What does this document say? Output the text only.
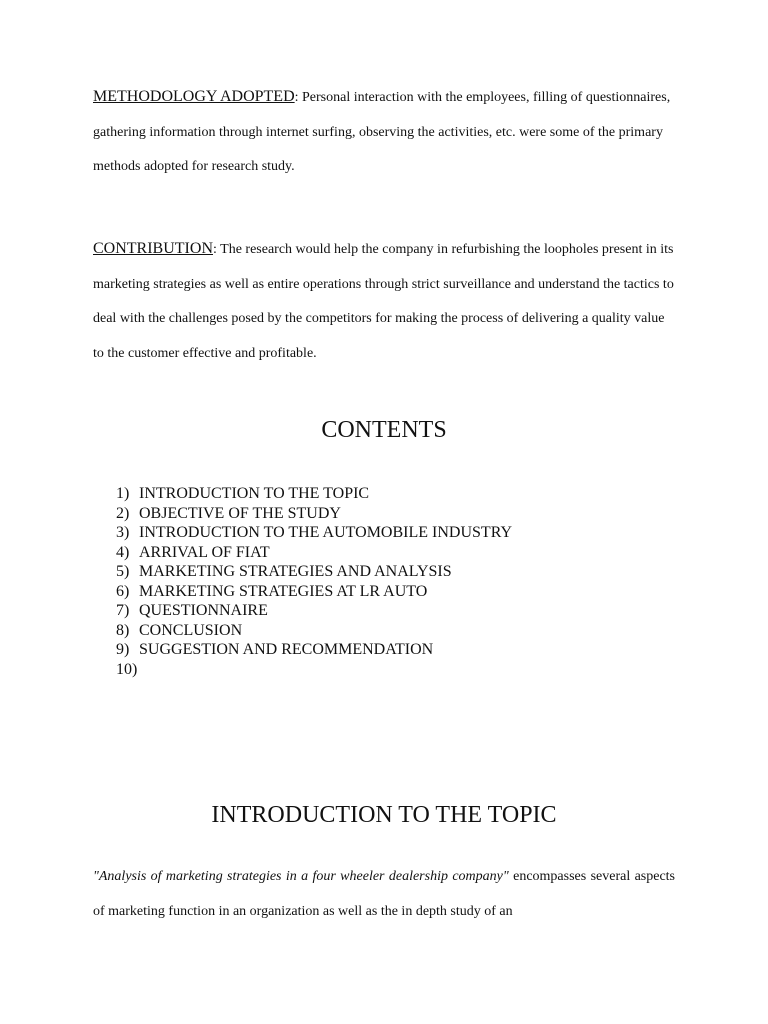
METHODOLOGY ADOPTED: Personal interaction with the employees, filling of questionnaires, gathering information through internet surfing, observing the activities, etc. were some of the primary methods adopted for research study.

CONTRIBUTION: The research would help the company in refurbishing the loopholes present in its marketing strategies as well as entire operations through strict surveillance and understand the tactics to deal with the challenges posed by the competitors for making the process of delivering a quality value to the customer effective and profitable.

CONTENTS
1) INTRODUCTION TO THE TOPIC
2) OBJECTIVE OF THE STUDY
3) INTRODUCTION TO THE AUTOMOBILE INDUSTRY
4) ARRIVAL OF FIAT
5) MARKETING STRATEGIES AND ANALYSIS
6) MARKETING STRATEGIES AT LR AUTO
7) QUESTIONNAIRE
8) CONCLUSION
9) SUGGESTION AND RECOMMENDATION
10)
INTRODUCTION TO THE TOPIC

"Analysis of marketing strategies in a four wheeler dealership company" encompasses several aspects of marketing function in an organization as well as the in depth study of an
